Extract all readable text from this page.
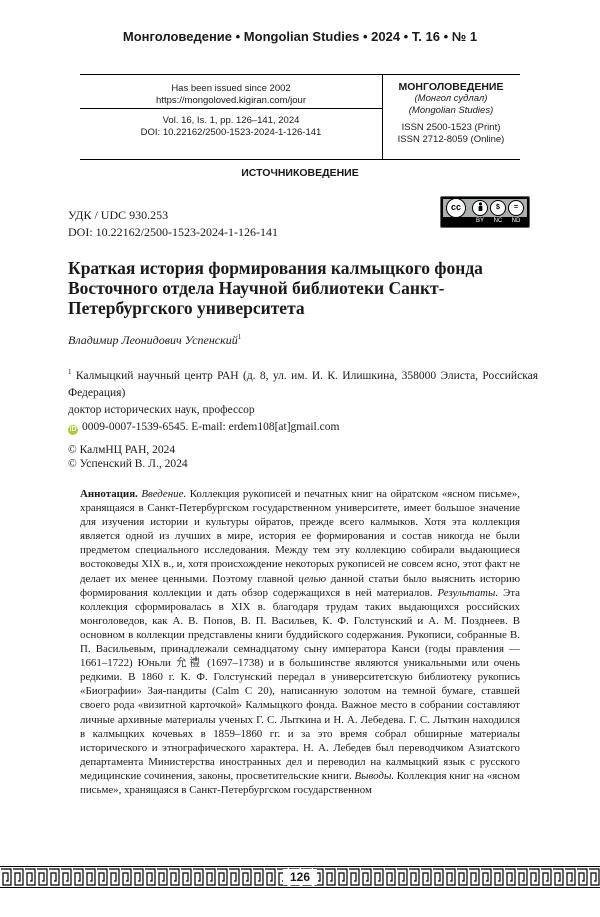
Монголоведение • Mongolian Studies • 2024 • Т. 16 • № 1
Has been issued since 2002
https://mongoloved.kigiran.com/jour
Vol. 16, Is. 1, pp. 126–141, 2024
DOI: 10.22162/2500-1523-2024-1-126-141
МОНГОЛОВЕДЕНИЕ
(Монгол судлал)
(Mongolian Studies)
ISSN 2500-1523 (Print)
ISSN 2712-8059 (Online)
ИСТОЧНИКОВЕДЕНИЕ
УДК / UDC 930.253
DOI: 10.22162/2500-1523-2024-1-126-141
cc	$	=
BY	NC	ND
Краткая история формирования калмыцкого фонда Восточного отдела Научной библиотеки Санкт-Петербургского университета
Владимир Леонидович Успенский$^1$
$^1$ Калмыцкий научный центр РАН (д. 8, ул. им. И. К. Илишкина, 358000 Элиста, Российская Федерация)
доктор исторических наук, профессор
iD 0009-0007-1539-6545. E-mail: erdem108[at]gmail.com
© КалмНЦ РАН, 2024
© Успенский В. Л., 2024
Аннотация. Введение. Коллекция рукописей и печатных книг на ойратском «ясном письме», хранящаяся в Санкт-Петербургском государственном университете, имеет большое значение для изучения истории и культуры ойратов, прежде всего калмыков. Хотя эта коллекция является одной из лучших в мире, история ее формирования и состав никогда не были предметом специального исследования. Между тем эту коллекцию собирали выдающиеся востоковеды XIX в., и, хотя происхождение некоторых рукописей не совсем ясно, этот факт не делает их менее ценными. Поэтому главной целью данной статьи было выяснить историю формирования коллекции и дать обзор содержащихся в ней материалов. Результаты. Эта коллекция сформировалась в XIX в. благодаря трудам таких выдающихся российских монголоведов, как А. В. Попов, В. П. Васильев, К. Ф. Голстунский и А. М. Позднеев. В основном в коллекции представлены книги буддийского содержания. Рукописи, собранные В. П. Васильевым, принадлежали семнадцатому сыну императора Канси (годы правления — 1661–1722) Юньли 允禮 (1697–1738) и в большинстве являются уникальными или очень редкими. В 1860 г. К. Ф. Голстунский передал в университетскую библиотеку рукопись «Биографии» Зая-пандиты (Calm С 20), написанную золотом на темной бумаге, ставшей своего рода «визитной карточкой» Калмыцкого фонда. Важное место в собрании составляют личные архивные материалы ученых Г. С. Лыткина и Н. А. Лебедева. Г. С. Лыткин находился в калмыцких кочевьях в 1859–1860 гг. и за это время собрал обширные материалы исторического и этнографического характера. Н. А. Лебедев был переводчиком Азиатского департамента Министерства иностранных дел и переводил на калмыцкий язык с русского медицинские сочинения, законы, просветительские книги. Выводы. Коллекция книг на «ясном письме», хранящаяся в Санкт-Петербургском государственном
126
